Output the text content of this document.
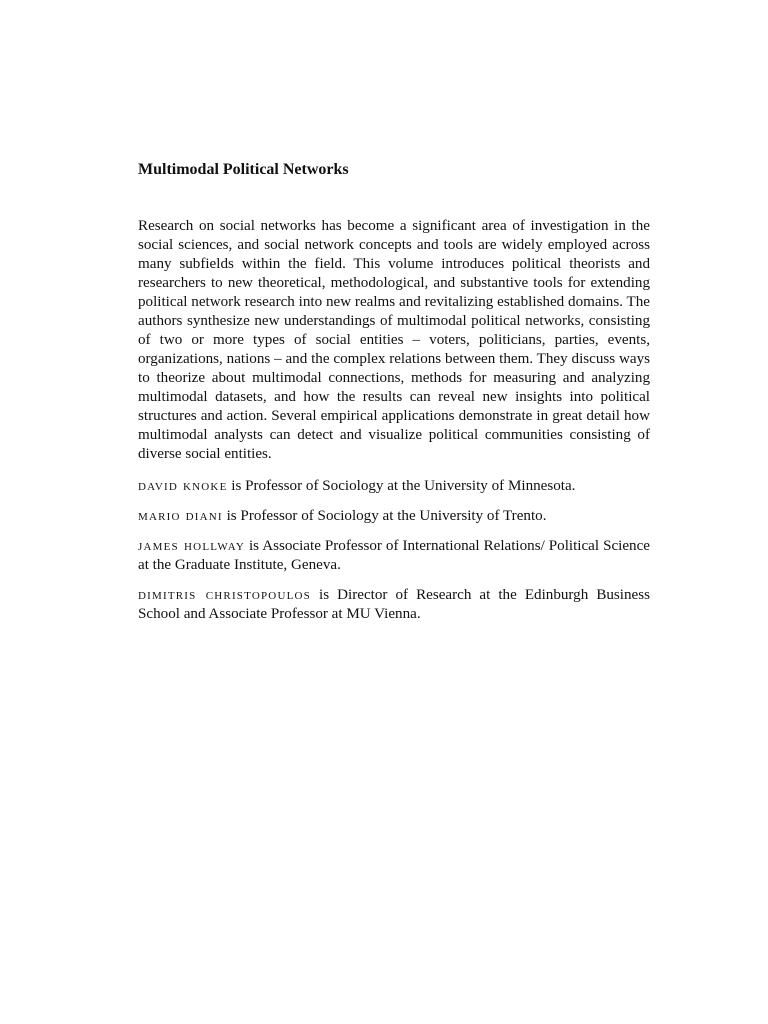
Multimodal Political Networks

Research on social networks has become a significant area of investigation in the social sciences, and social network concepts and tools are widely employed across many subfields within the field. This volume introduces political theorists and researchers to new theoretical, methodological, and substantive tools for extending political network research into new realms and revitalizing established domains. The authors synthesize new understandings of multimodal political networks, consisting of two or more types of social entities – voters, politicians, parties, events, organizations, nations – and the complex relations between them. They discuss ways to theorize about multimodal connections, methods for measuring and analyzing multimodal datasets, and how the results can reveal new insights into political structures and action. Several empirical applications demonstrate in great detail how multimodal analysts can detect and visualize political communities consisting of diverse social entities.

david knoke is Professor of Sociology at the University of Minnesota.

mario diani is Professor of Sociology at the University of Trento.

james hollway is Associate Professor of International Relations/ Political Science at the Graduate Institute, Geneva.

dimitris christopoulos is Director of Research at the Edinburgh Business School and Associate Professor at MU Vienna.
